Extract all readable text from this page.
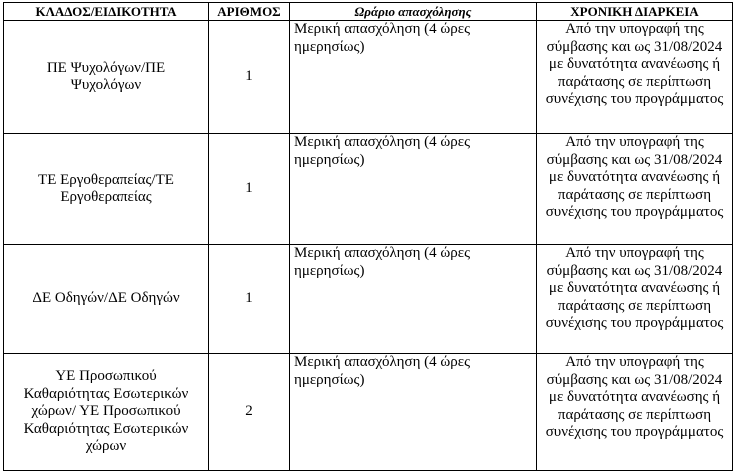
ΚΛΑΔΟΣ/ΕΙΔΙΚΟΤΗΤΑ	ΑΡΙΘΜΟΣ	Ωράριο απασχόλησης	ΧΡΟΝΙΚΗ ΔΙΑΡΚΕΙΑ
ΠΕ Ψυχολόγων/ΠΕ Ψυχολόγων	1	Μερική απασχόληση (4 ώρες ημερησίως)	Από την υπογραφή της σύμβασης και ως 31/08/2024 με δυνατότητα ανανέωσης ή παράτασης σε περίπτωση συνέχισης του προγράμματος
ΤΕ Εργοθεραπείας/ΤΕ Εργοθεραπείας	1	Μερική απασχόληση (4 ώρες ημερησίως)	Από την υπογραφή της σύμβασης και ως 31/08/2024 με δυνατότητα ανανέωσης ή παράτασης σε περίπτωση συνέχισης του προγράμματος
ΔΕ Οδηγών/ΔΕ Οδηγών	1	Μερική απασχόληση (4 ώρες ημερησίως)	Από την υπογραφή της σύμβασης και ως 31/08/2024 με δυνατότητα ανανέωσης ή παράτασης σε περίπτωση συνέχισης του προγράμματος
ΥΕ Προσωπικού Καθαριότητας Εσωτερικών χώρων/ ΥΕ Προσωπικού Καθαριότητας Εσωτερικών χώρων	2	Μερική απασχόληση (4 ώρες ημερησίως)	Από την υπογραφή της σύμβασης και ως 31/08/2024 με δυνατότητα ανανέωσης ή παράτασης σε περίπτωση συνέχισης του προγράμματος
